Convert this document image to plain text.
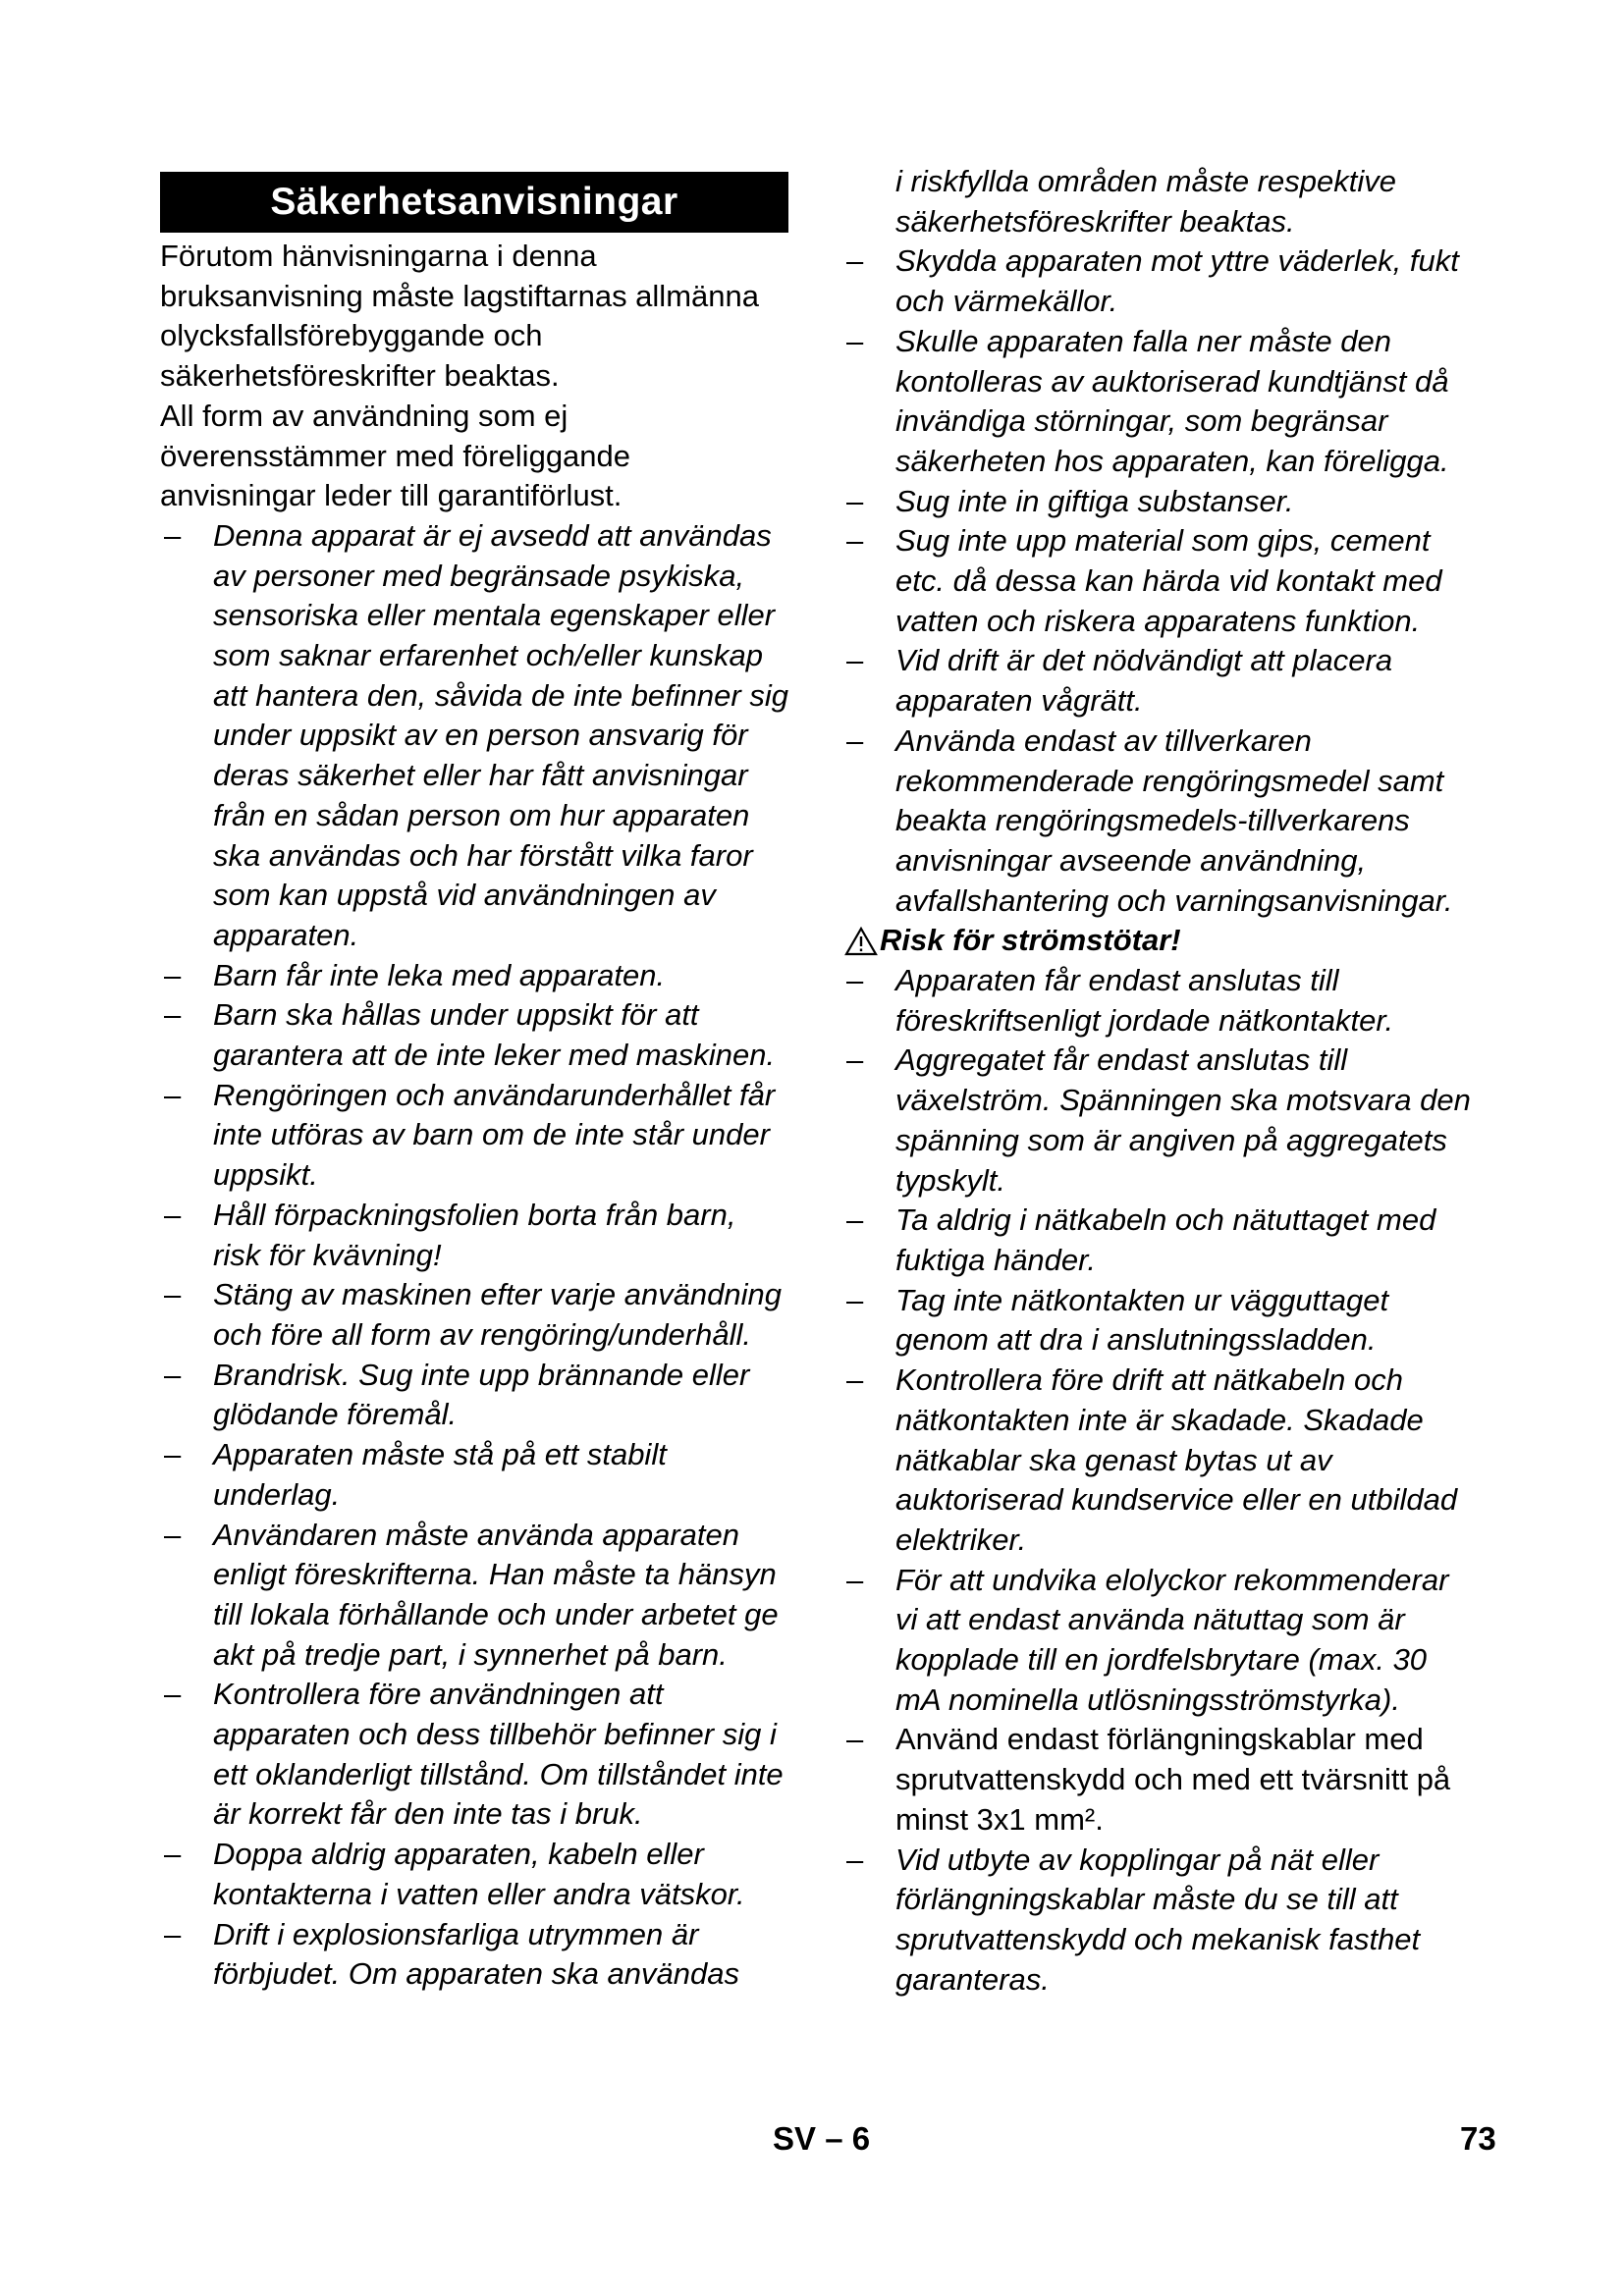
Säkerhetsanvisningar

Förutom hänvisningarna i denna bruksanvisning måste lagstiftarnas allmänna olycksfallsförebyggande och säkerhetsföreskrifter beaktas.

All form av användning som ej överensstämmer med föreliggande anvisningar leder till garantiförlust.

– Denna apparat är ej avsedd att användas av personer med begränsade psykiska, sensoriska eller mentala egenskaper eller som saknar erfarenhet och/eller kunskap att hantera den, såvida de inte befinner sig under uppsikt av en person ansvarig för deras säkerhet eller har fått anvisningar från en sådan person om hur apparaten ska användas och har förstått vilka faror som kan uppstå vid användningen av apparaten.

– Barn får inte leka med apparaten.

– Barn ska hållas under uppsikt för att garantera att de inte leker med maskinen.

– Rengöringen och användarunderhållet får inte utföras av barn om de inte står under uppsikt.

– Håll förpackningsfolien borta från barn, risk för kvävning!

– Stäng av maskinen efter varje användning och före all form av rengöring/underhåll.

– Brandrisk. Sug inte upp brännande eller glödande föremål.

– Apparaten måste stå på ett stabilt underlag.

– Användaren måste använda apparaten enligt föreskrifterna. Han måste ta hänsyn till lokala förhållande och under arbetet ge akt på tredje part, i synnerhet på barn.

– Kontrollera före användningen att apparaten och dess tillbehör befinner sig i ett oklanderligt tillstånd. Om tillståndet inte är korrekt får den inte tas i bruk.

– Doppa aldrig apparaten, kabeln eller kontakterna i vatten eller andra vätskor.

– Drift i explosionsfarliga utrymmen är förbjudet. Om apparaten ska användas

i riskfyllda områden måste respektive säkerhetsföreskrifter beaktas.

– Skydda apparaten mot yttre väderlek, fukt och värmekällor.

– Skulle apparaten falla ner måste den kontolleras av auktoriserad kundtjänst då invändiga störningar, som begränsar säkerheten hos apparaten, kan föreligga.

– Sug inte in giftiga substanser.

– Sug inte upp material som gips, cement etc. då dessa kan härda vid kontakt med vatten och riskera apparatens funktion.

– Vid drift är det nödvändigt att placera apparaten vågrätt.

– Använda endast av tillverkaren rekommenderade rengöringsmedel samt beakta rengöringsmedels-tillverkarens anvisningar avseende användning, avfallshantering och varningsanvisningar.

Risk för strömstötar!

– Apparaten får endast anslutas till föreskriftsenligt jordade nätkontakter.

– Aggregatet får endast anslutas till växelström. Spänningen ska motsvara den spänning som är angiven på aggregatets typskylt.

– Ta aldrig i nätkabeln och nätuttaget med fuktiga händer.

– Tag inte nätkontakten ur vägguttaget genom att dra i anslutningssladden.

– Kontrollera före drift att nätkabeln och nätkontakten inte är skadade. Skadade nätkablar ska genast bytas ut av auktoriserad kundservice eller en utbildad elektriker.

– För att undvika elolyckor rekommenderar vi att endast använda nätuttag som är kopplade till en jordfelsbrytare (max. 30 mA nominella utlösningsströmstyrka).

– Använd endast förlängningskablar med sprutvattenskydd och med ett tvärsnitt på minst 3x1 mm².

– Vid utbyte av kopplingar på nät eller förlängningskablar måste du se till att sprutvattenskydd och mekanisk fasthet garanteras.

SV – 6	73
